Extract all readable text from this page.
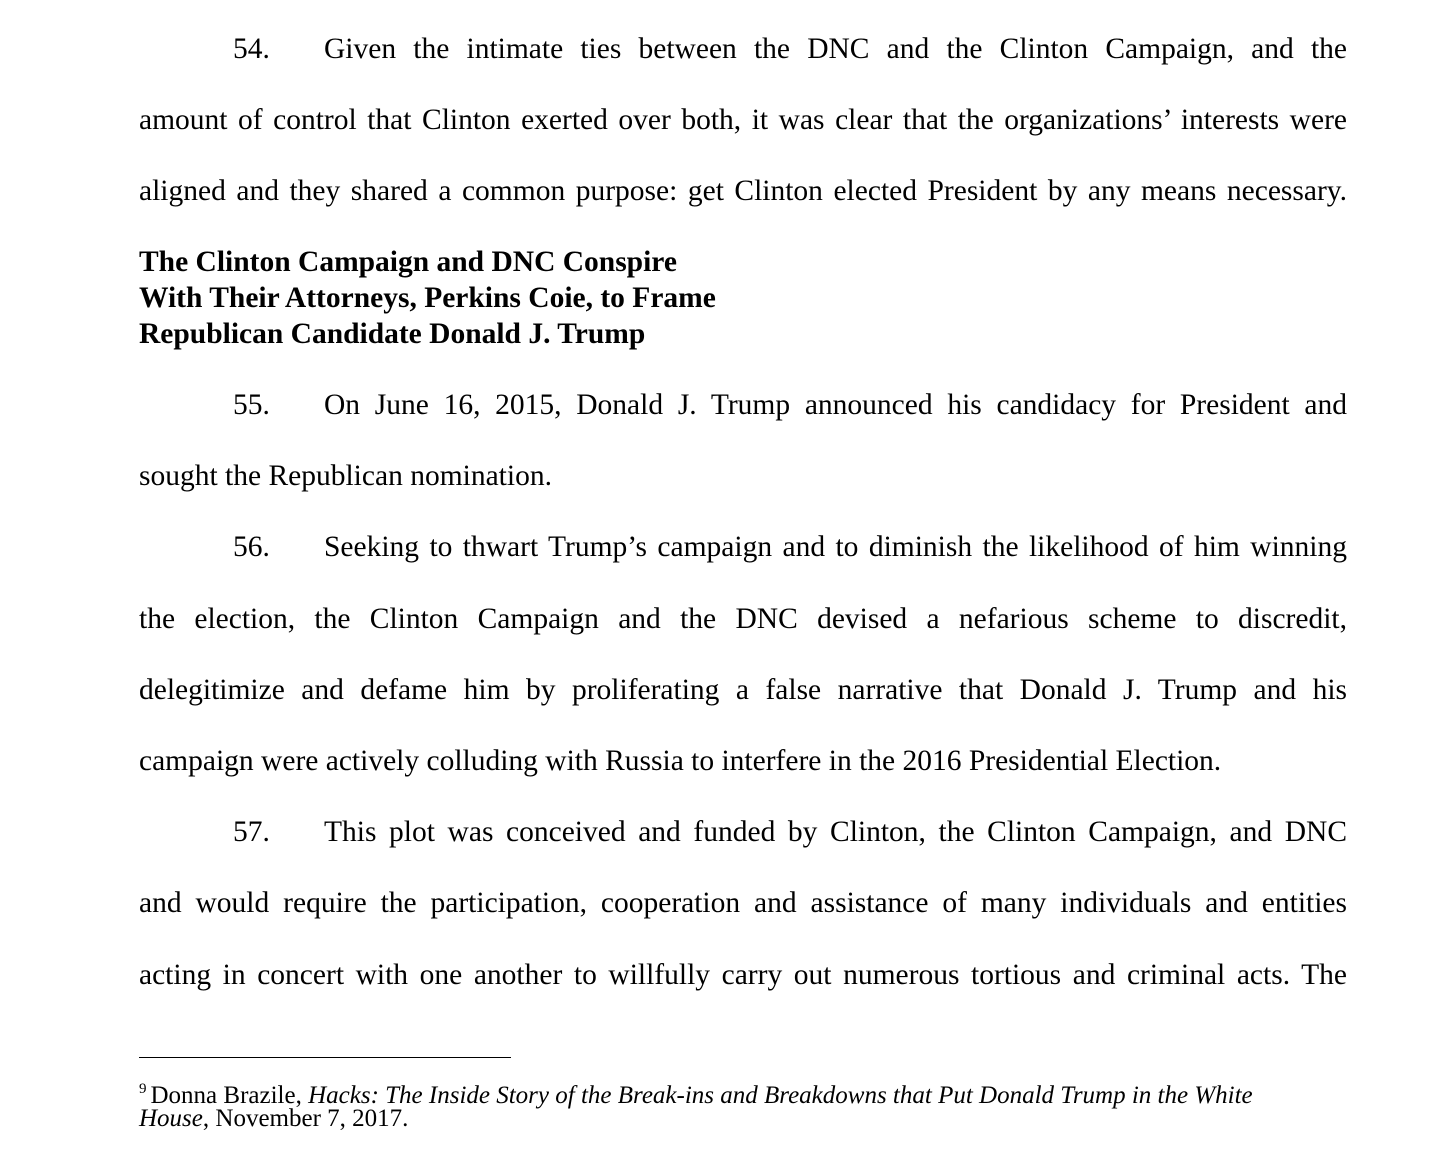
54.	Given the intimate ties between the DNC and the Clinton Campaign, and the
amount of control that Clinton exerted over both, it was clear that the organizations’ interests were
aligned and they shared a common purpose: get Clinton elected President by any means necessary.
The Clinton Campaign and DNC Conspire
With Their Attorneys, Perkins Coie, to Frame
Republican Candidate Donald J. Trump
55.	On June 16, 2015, Donald J. Trump announced his candidacy for President and
sought the Republican nomination.
56.	Seeking to thwart Trump’s campaign and to diminish the likelihood of him winning
the election, the Clinton Campaign and the DNC devised a nefarious scheme to discredit,
delegitimize and defame him by proliferating a false narrative that Donald J. Trump and his
campaign were actively colluding with Russia to interfere in the 2016 Presidential Election.
57.	This plot was conceived and funded by Clinton, the Clinton Campaign, and DNC
and would require the participation, cooperation and assistance of many individuals and entities
acting in concert with one another to willfully carry out numerous tortious and criminal acts. The
$^9$ Donna Brazile, Hacks: The Inside Story of the Break-ins and Breakdowns that Put Donald Trump in the White
House, November 7, 2017.
